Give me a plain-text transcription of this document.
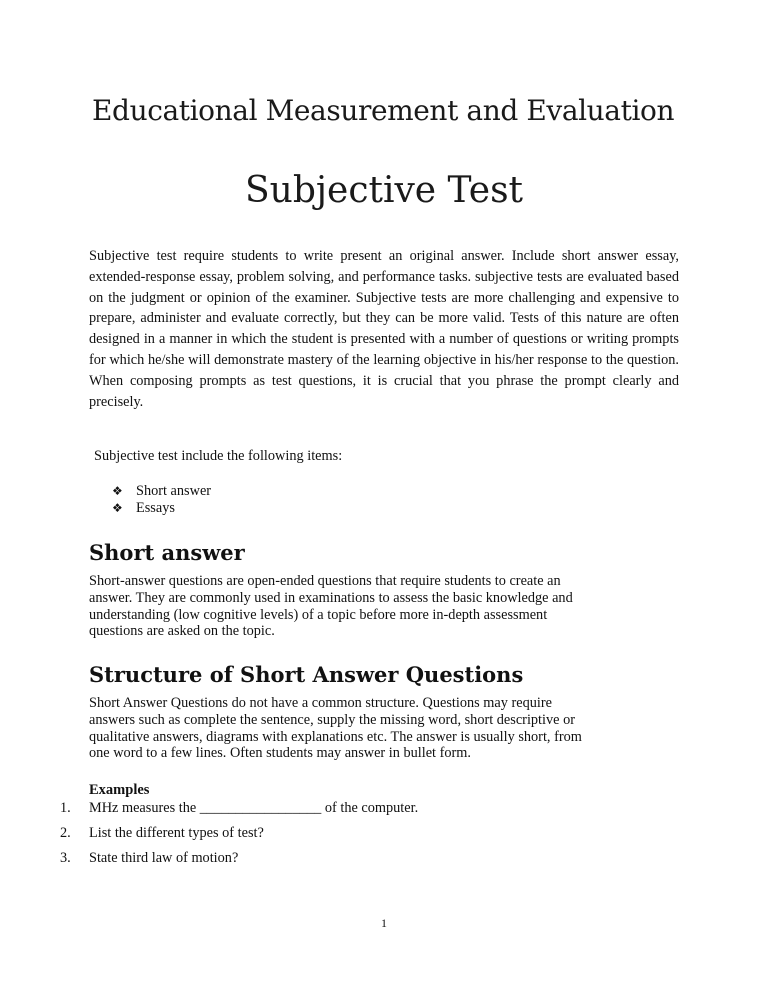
Educational Measurement and Evaluation
Subjective Test

Subjective test require students to write present an original answer. Include short answer essay, extended-response essay, problem solving, and performance tasks. subjective tests are evaluated based on the judgment or opinion of the examiner. Subjective tests are more challenging and expensive to prepare, administer and evaluate correctly, but they can be more valid. Tests of this nature are often designed in a manner in which the student is presented with a number of questions or writing prompts for which he/she will demonstrate mastery of the learning objective in his/her response to the question. When composing prompts as test questions, it is crucial that you phrase the prompt clearly and precisely.

Subjective test include the following items:

❖ Short answer
❖ Essays
Short answer
Short-answer questions are open-ended questions that require students to create an
answer. They are commonly used in examinations to assess the basic knowledge and
understanding (low cognitive levels) of a topic before more in-depth assessment
questions are asked on the topic.
Structure of Short Answer Questions
Short Answer Questions do not have a common structure. Questions may require
answers such as complete the sentence, supply the missing word, short descriptive or
qualitative answers, diagrams with explanations etc. The answer is usually short, from
one word to a few lines. Often students may answer in bullet form.

Examples

1.	MHz measures the _________________ of the computer.
2.	List the different types of test?
3.	State third law of motion?
1
